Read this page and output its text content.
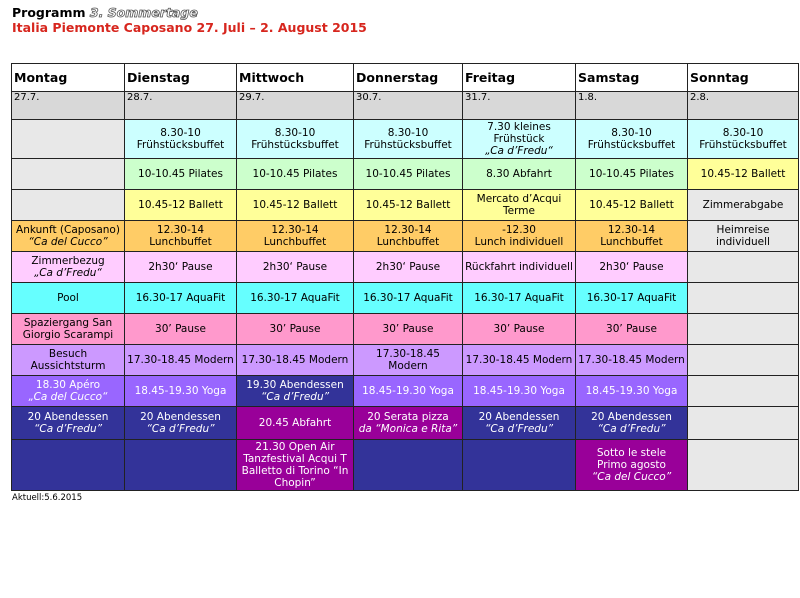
Programm 3. Sommertage
Italia Piemonte Caposano 27. Juli – 2. August 2015
Montag	Dienstag	Mittwoch	Donnerstag	Freitag	Samstag	Sonntag
27.7.	28.7.	29.7.	30.7.	31.7.	1.8.	2.8.

	8.30-10
Frühstücksbuffet	8.30-10
Frühstücksbuffet	8.30-10
Frühstücksbuffet	7.30 kleines
Frühstück
„Ca d’Fredu“	8.30-10
Frühstücksbuffet	8.30-10
Frühstücksbuffet

	10-10.45 Pilates	10-10.45 Pilates	10-10.45 Pilates	8.30 Abfahrt	10-10.45 Pilates	10.45-12 Ballett

	10.45-12 Ballett	10.45-12 Ballett	10.45-12 Ballett	Mercato d’Acqui
Terme	10.45-12 Ballett	Zimmerabgabe

Ankunft (Caposano)
“Ca del Cucco”	12.30-14
Lunchbuffet	12.30-14 Lunchbuffet	12.30-14
Lunchbuffet	-12.30
Lunch individuell	12.30-14
Lunchbuffet	Heimreise individuell

Zimmerbezug
„Ca d’Fredu“	2h30‘ Pause	2h30‘ Pause	2h30‘ Pause	Rückfahrt individuell	2h30‘ Pause	

Pool	16.30-17 AquaFit	16.30-17 AquaFit	16.30-17 AquaFit	16.30-17 AquaFit	16.30-17 AquaFit	

Spaziergang San
Giorgio Scarampi	30’ Pause	30’ Pause	30’ Pause	30’ Pause	30’ Pause	

Besuch
Aussichtsturm	17.30-18.45 Modern	17.30-18.45 Modern	17.30-18.45 Modern	17.30-18.45 Modern	17.30-18.45 Modern	

18.30 Apéro
„Ca del Cucco“	18.45-19.30 Yoga	19.30 Abendessen
“Ca d’Fredu”	18.45-19.30 Yoga	18.45-19.30 Yoga	18.45-19.30 Yoga	

20 Abendessen
“Ca d’Fredu”	20 Abendessen
“Ca d’Fredu”	20.45 Abfahrt	20 Serata pizza
da “Monica e Rita”	20 Abendessen
“Ca d’Fredu”	20 Abendessen
“Ca d’Fredu”	

		21.30 Open Air
Tanzfestival Acqui T
Balletto di Torino “In
Chopin”			Sotto le stele
Primo agosto
“Ca del Cucco”	

Aktuell:5.6.2015
